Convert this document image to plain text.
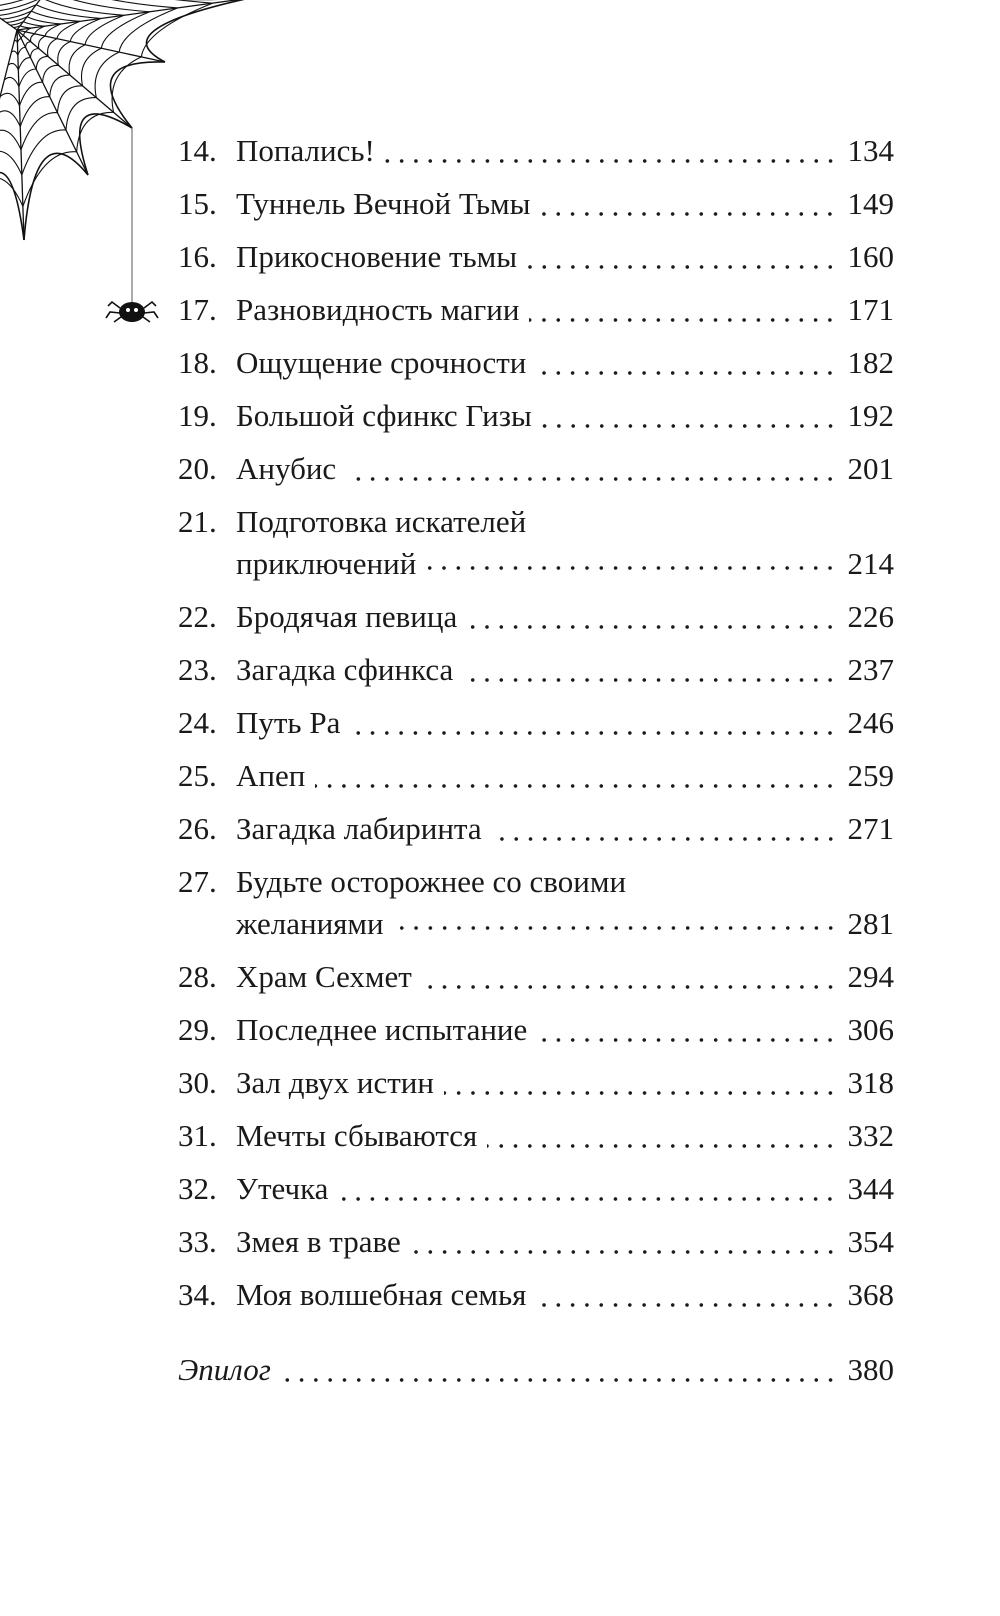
14. Попались!	134
15. Туннель Вечной Тьмы	149
16. Прикосновение тьмы	160
17. Разновидность магии	171
18. Ощущение срочности	182
19. Большой сфинкс Гизы	192
20. Анубис	201
21. Подготовка искателей
приключений	214
22. Бродячая певица	226
23. Загадка сфинкса	237
24. Путь Ра	246
25. Апеп	259
26. Загадка лабиринта	271
27. Будьте осторожнее со своими
желаниями	281
28. Храм Сехмет	294
29. Последнее испытание	306
30. Зал двух истин	318
31. Мечты сбываются	332
32. Утечка	344
33. Змея в траве	354
34. Моя волшебная семья	368
Эпилог	380
